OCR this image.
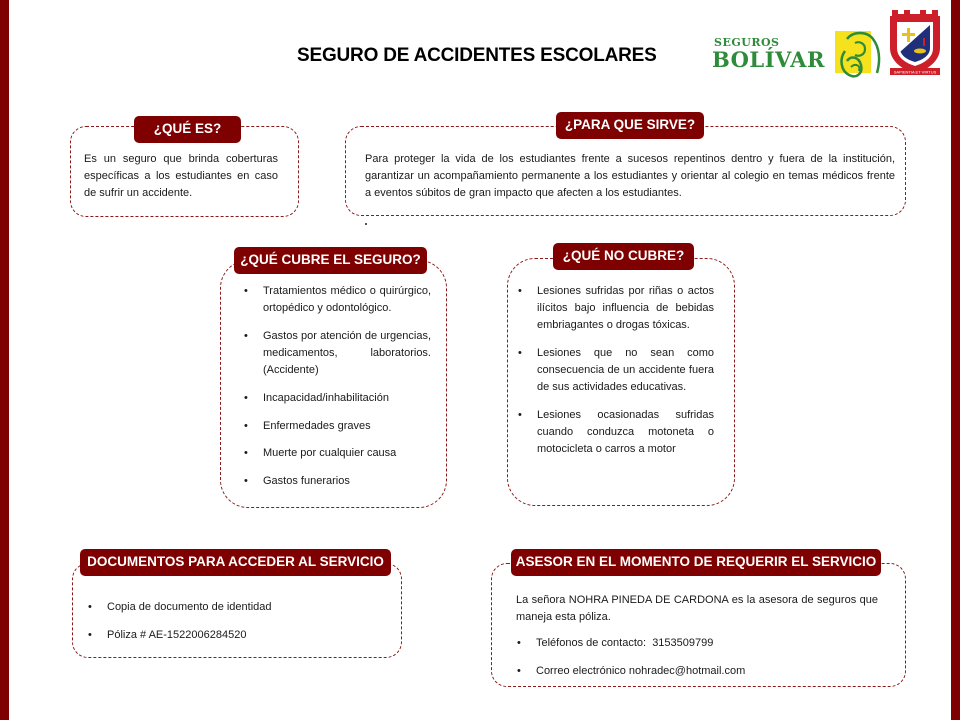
SEGURO DE ACCIDENTES ESCOLARES
SEGUROS
BOLÍVAR	SAPIENTIA ET VIRTUS
¿QUÉ ES?
Es un seguro que brinda coberturas específicas a los estudiantes en caso de sufrir un accidente.
¿PARA QUE SIRVE?
Para proteger la vida de los estudiantes frente a sucesos repentinos dentro y fuera de la institución, garantizar un acompañamiento permanente a los estudiantes y orientar al colegio en temas médicos frente a eventos súbitos de gran impacto que afecten a los estudiantes.
¿QUÉ CUBRE EL SEGURO?
• Tratamientos médico o quirúrgico, ortopédico y odontológico.
• Gastos por atención de urgencias, medicamentos, laboratorios. (Accidente)
• Incapacidad/inhabilitación
• Enfermedades graves
• Muerte por cualquier causa
• Gastos funerarios
¿QUÉ NO CUBRE?
• Lesiones sufridas por riñas o actos ilícitos bajo influencia de bebidas embriagantes o drogas tóxicas.
• Lesiones que no sean como consecuencia de un accidente fuera de sus actividades educativas.
• Lesiones ocasionadas sufridas cuando conduzca motoneta o motocicleta o carros a motor
DOCUMENTOS PARA ACCEDER AL SERVICIO
• Copia de documento de identidad
• Póliza # AE-1522006284520
ASESOR EN EL MOMENTO DE REQUERIR EL SERVICIO
La señora NOHRA PINEDA DE CARDONA es la asesora de seguros que maneja esta póliza.
• Teléfonos de contacto:  3153509799
• Correo electrónico nohradec@hotmail.com
